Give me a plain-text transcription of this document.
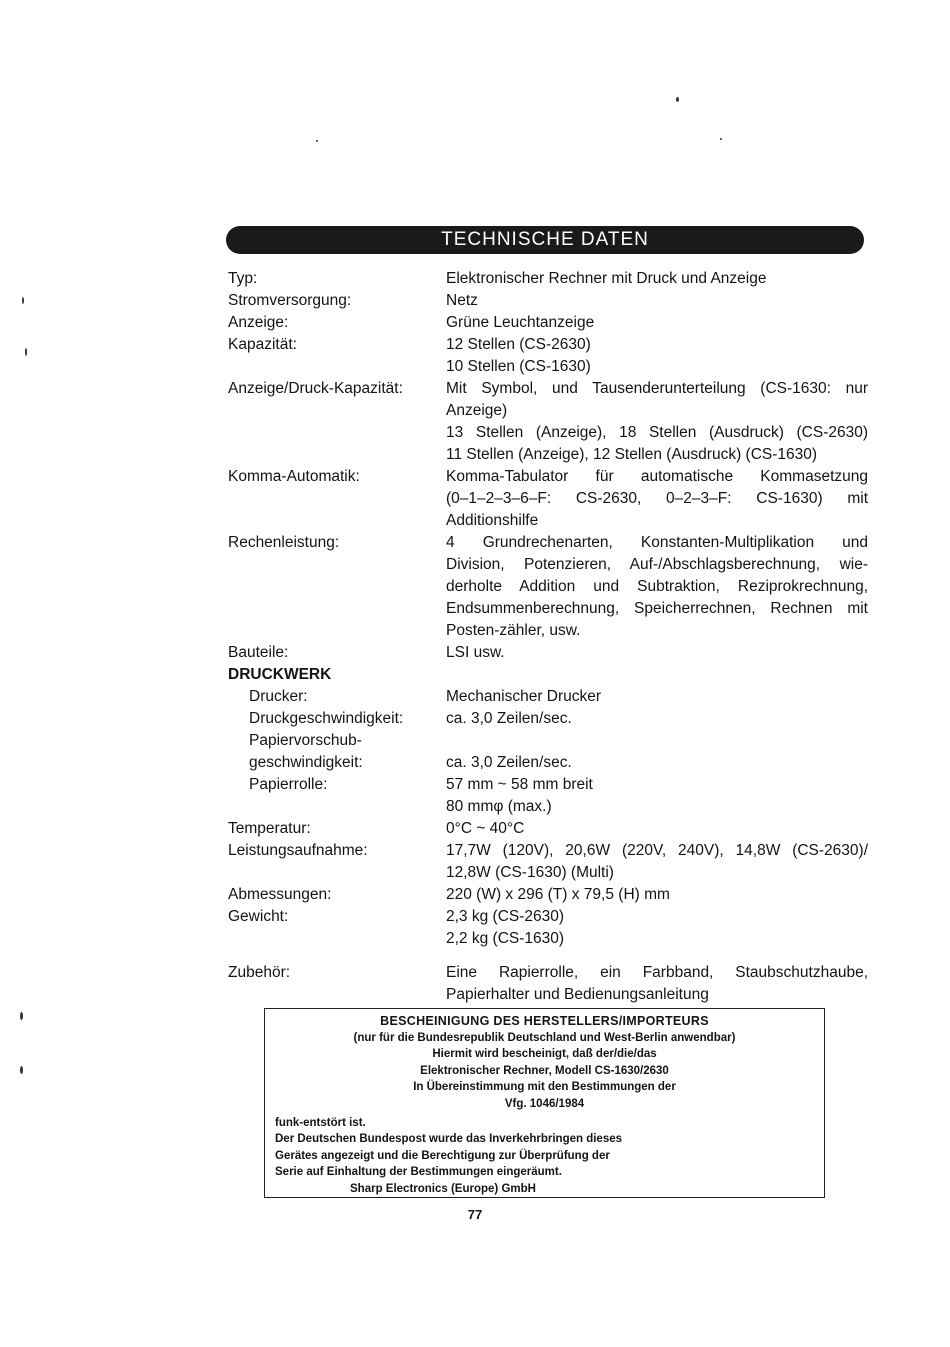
TECHNISCHE DATEN
Typ:	Elektronischer Rechner mit Druck und Anzeige
Stromversorgung:	Netz
Anzeige:	Grüne Leuchtanzeige
Kapazität:	12 Stellen (CS-2630)
10 Stellen (CS-1630)
Anzeige/Druck-Kapazität:	Mit Symbol, und Tausenderunterteilung (CS-1630: nur
Anzeige)
13 Stellen (Anzeige), 18 Stellen (Ausdruck) (CS-2630)
11 Stellen (Anzeige), 12 Stellen (Ausdruck) (CS-1630)
Komma-Automatik:	Komma-Tabulator für automatische Kommasetzung
(0–1–2–3–6–F: CS-2630, 0–2–3–F: CS-1630) mit
Additionshilfe
Rechenleistung:	4 Grundrechenarten, Konstanten-Multiplikation und
Division, Potenzieren, Auf-/Abschlagsberechnung, wie-
derholte Addition und Subtraktion, Reziprokrechnung,
Endsummenberechnung, Speicherrechnen, Rechnen mit
Posten-zähler, usw.
Bauteile:	LSI usw.
DRUCKWERK
Drucker:	Mechanischer Drucker
Druckgeschwindigkeit:	ca. 3,0 Zeilen/sec.
Papiervorschub-

geschwindigkeit:	ca. 3,0 Zeilen/sec.
Papierrolle:	57 mm ~ 58 mm breit
80 mmφ (max.)
Temperatur:	0°C ~ 40°C
Leistungsaufnahme:	17,7W (120V), 20,6W (220V, 240V), 14,8W (CS-2630)/
12,8W (CS-1630) (Multi)
Abmessungen:	220 (W) x 296 (T) x 79,5 (H) mm
Gewicht:	2,3 kg (CS-2630)
2,2 kg (CS-1630)
Zubehör:	Eine Rapierrolle, ein Farbband, Staubschutzhaube,
Papierhalter und Bedienungsanleitung
BESCHEINIGUNG DES HERSTELLERS/IMPORTEURS
(nur für die Bundesrepublik Deutschland und West-Berlin anwendbar)
Hiermit wird bescheinigt, daß der/die/das
Elektronischer Rechner, Modell CS-1630/2630
In Übereinstimmung mit den Bestimmungen der
Vfg. 1046/1984
funk-entstört ist.
Der Deutschen Bundespost wurde das Inverkehrbringen dieses
Gerätes angezeigt und die Berechtigung zur Überprüfung der
Serie auf Einhaltung der Bestimmungen eingeräumt.
Sharp Electronics (Europe) GmbH
77
